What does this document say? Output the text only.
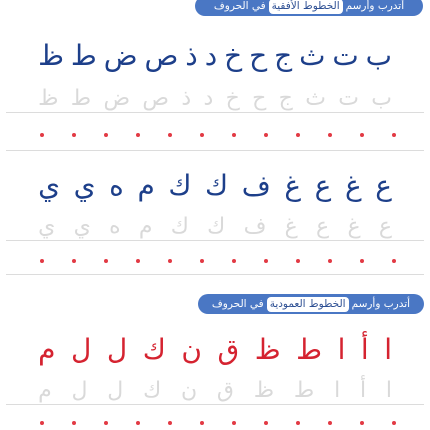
أتدرب وأرسم
الخطوط الأفقية
في الحروف
ب
ت
ث
ج
ح
خ
د
ذ
ص
ض
ط
ظ
ب
ت
ث
ج
ح
خ
د
ذ
ص
ض
ط
ظ
ع
غ
ع
غ
ف
ك
ك
م
ه
ي
ي
ع
غ
ع
غ
ف
ك
ك
م
ه
ي
ي
أتدرب وأرسم
الخطوط العمودية
في الحروف
ا
أ
ا
ط
ظ
ق
ن
ك
ل
ل
م
ا
أ
ا
ط
ظ
ق
ن
ك
ل
ل
م
